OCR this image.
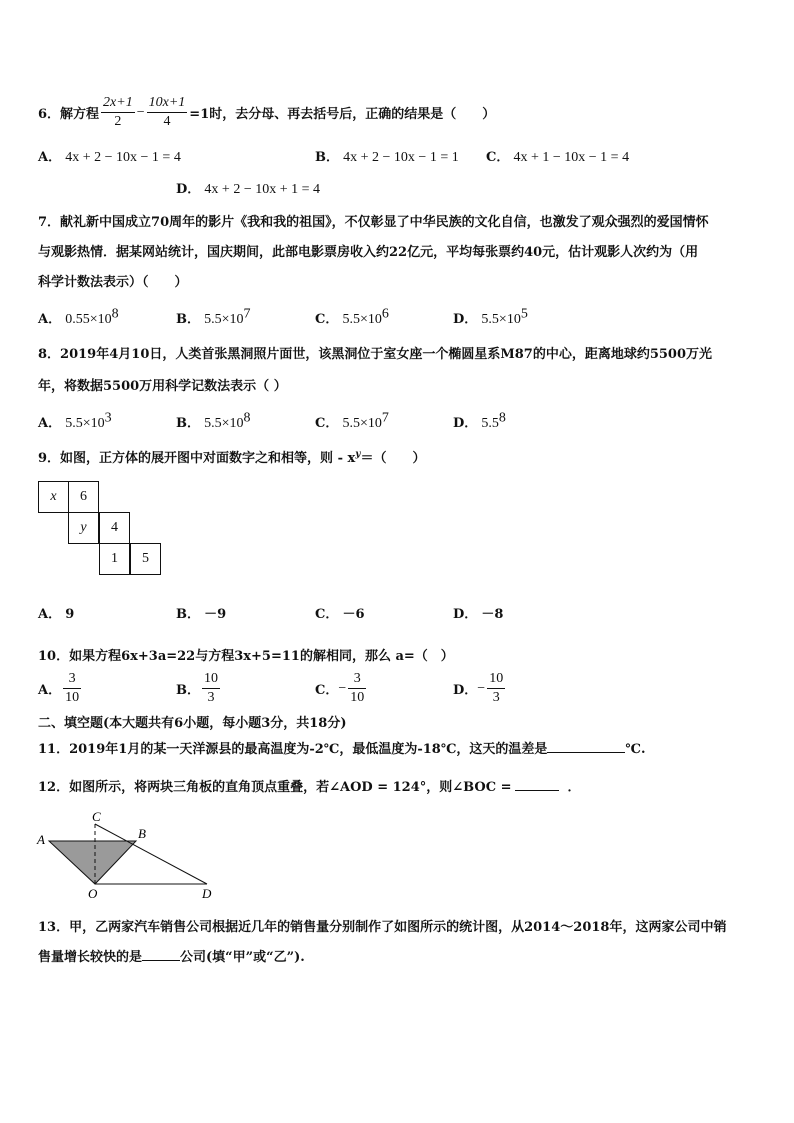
6．解方程 $\frac{2x+1}{2} - \frac{10x+1}{4} =1$时，去分母、再去括号后，正确的结果是（　　）
A． 4x + 2 − 10x − 1 = 4	B． 4x + 2 − 10x − 1 = 1 C． 4x + 1 − 10x − 1 = 4
D． 4x + 2 − 10x + 1 = 4
7．献礼新中国成立70周年的影片《我和我的祖国》，不仅彰显了中华民族的文化自信，也激发了观众强烈的爱国情怀
与观影热情．据某网站统计，国庆期间，此部电影票房收入约22亿元，平均每张票约40元，估计观影人次约为（用
科学计数法表示）（　　）
A． $0.55\times 10^8$	B． $5.5\times 10^7$	C． $5.5\times 10^6$	D． $5.5\times 10^5$
8．2019年4月10日，人类首张黑洞照片面世，该黑洞位于室女座一个椭圆星系M87的中心，距离地球约5500万光
年，将数据5500万用科学记数法表示（ ）
A． $5.5\times 10^3$	B． $5.5\times 10^8$	C． $5.5\times 10^7$	D． $5.5^8$
9．如图，正方体的展开图中对面数字之和相等，则 - $x^y=$（　　）
x	6
y	4
1	5
A． 9	B． －9	C． －6	D． －8
10．如果方程6x+3a=22与方程3x+5=11的解相同，那么 a=（　）
A． $\frac{3}{10}$	B． $\frac{10}{3}$	C． − $\frac{3}{10}$	D． − $\frac{10}{3}$
二、填空题(本大题共有6小题，每小题3分，共18分)
11．2019年1月的某一天洋源县的最高温度为-2℃，最低温度为-18℃，这天的温差是	℃.
12．如图所示，将两块三角板的直角顶点重叠，若∠AOD = 124°，则∠BOC =	．
A	B
C
O	D
13．甲，乙两家汽车销售公司根据近几年的销售量分别制作了如图所示的统计图，从2014～2018年，这两家公司中销
售量增长较快的是	公司(填“甲”或“乙”).
